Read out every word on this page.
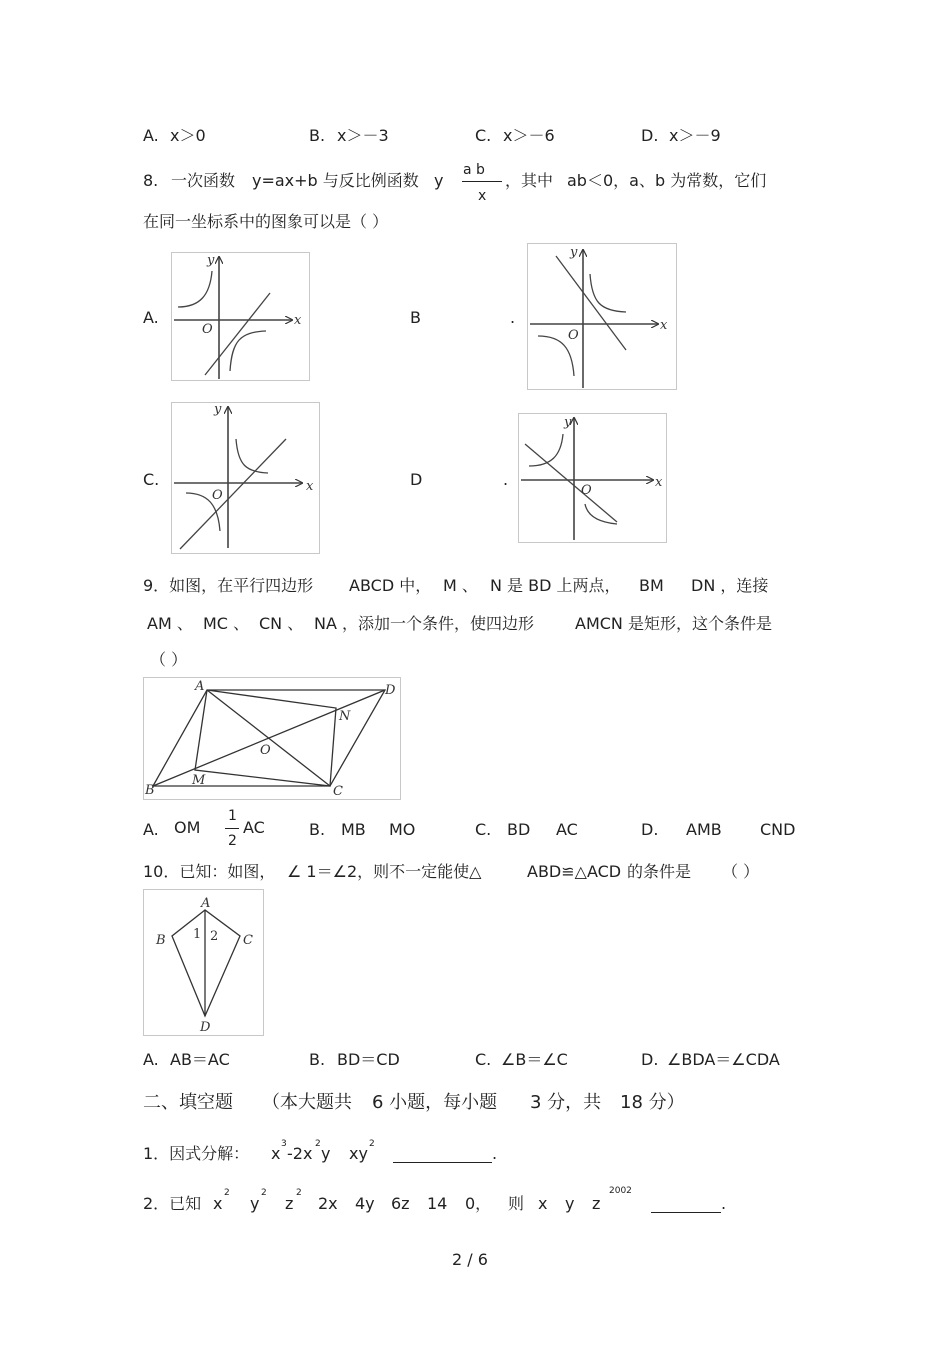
A. x＞0	B. x＞－3	C. x＞－6	D. x＞－9
8. 一次函数 y=ax+b 与反比例函数 y
a b
x
，其中 ab＜0，a、b 为常数，它们
在同一坐标系中的图象可以是（ ）
A.	B	.
C.	D	.
x
y
O	x
y
O
x
y
O
x
y
O
9．如图，在平行四边形 ABCD 中， M 、 N 是 BD 上两点， BM DN ，连接
AM 、 MC 、 CN 、 NA ，添加一个条件，使四边形	AMCN 是矩形，这个条件是
（ ）
A	D
B	C
M
N
O
A. OM
1
2
AC	B. MB MO	C. BD AC	D. AMB CND
10．已知：如图， ∠ 1＝∠2，则不一定能使△	ABD≌△ACD 的条件是 （ ）
A
B	C
D
1 2
A. AB＝AC	B. BD＝CD	C. ∠B＝∠C	D. ∠BDA＝∠CDA
二、填空题 （本大题共 6 小题，每小题 3 分，共 18 分）
1．因式分解： x 3 -2x 2 y xy 2	.
2．已知 x
2
y
2
z
2
2x 4y 6z 14 0， 则 x y z
2002
.
2 / 6
